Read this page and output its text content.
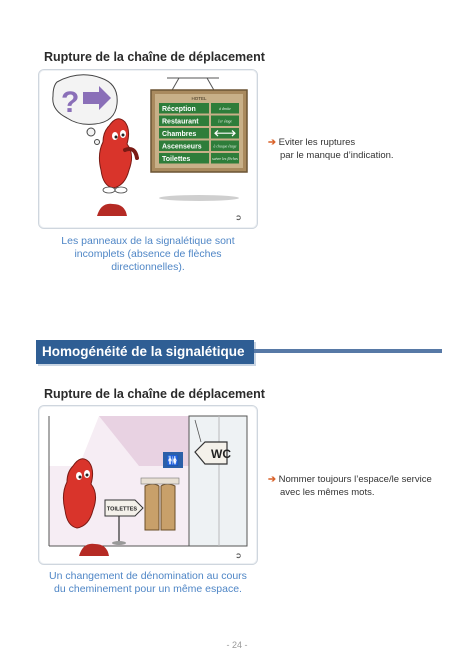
Rupture de la chaîne de déplacement
?	HOTEL
Réception	à droite
Restaurant	1er étage
Chambres
Ascenseurs	à chaque étage
Toilettes	suivre les flèches
➲
Les panneaux de la signalétique sont
incomplets (absence de flèches
directionnelles).
➔ Eviter les ruptures
par le manque d’indication.
Homogénéité de la signalétique
Rupture de la chaîne de déplacement
🚻
WC
TOILETTES
➲
Un changement de dénomination au cours
du cheminement pour un même espace.
➔ Nommer toujours l’espace/le service
avec les mêmes mots.
- 24 -
